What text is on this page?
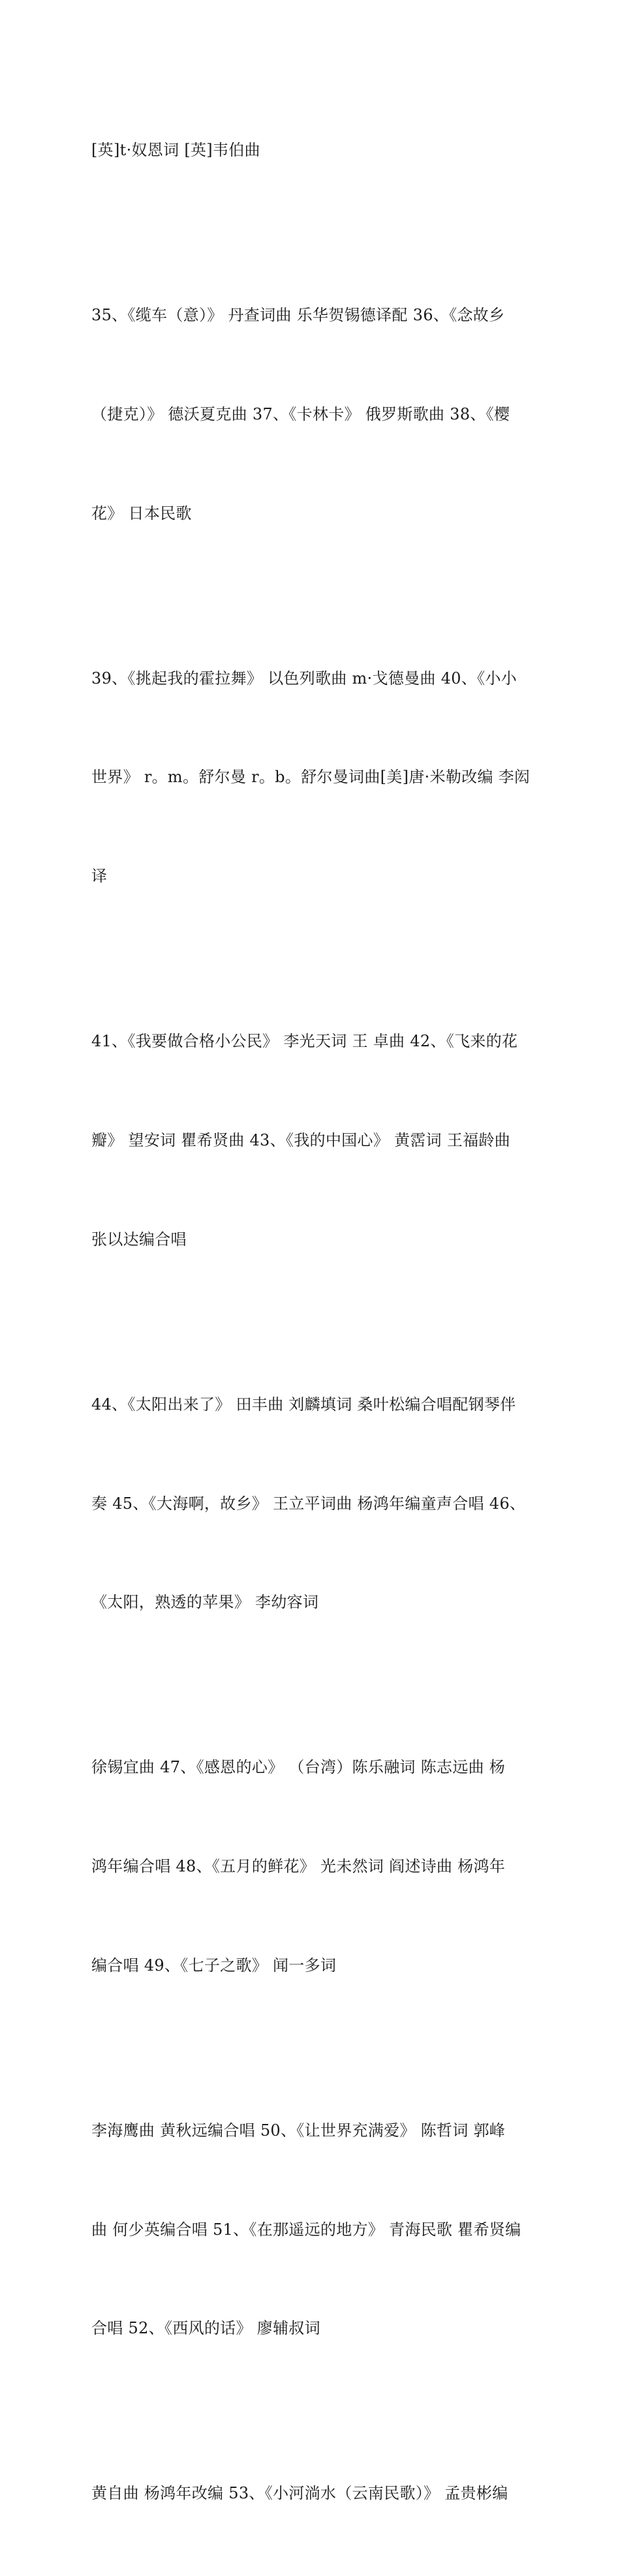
[英]t·奴恩词 [英]韦伯曲

35、《缆车（意）》 丹查词曲 乐华贺锡德译配 36、《念故乡

（捷克）》 德沃夏克曲 37、《卡林卡》 俄罗斯歌曲 38、《樱

花》 日本民歌

39、《挑起我的霍拉舞》 以色列歌曲 m·戈德曼曲 40、《小小

世界》 r。m。舒尔曼 r。b。舒尔曼词曲[美]唐·米勒改编 李闳

译

41、《我要做合格小公民》 李光天词 王 卓曲 42、《飞来的花

瓣》 望安词 瞿希贤曲 43、《我的中国心》 黄霑词 王福龄曲

张以达编合唱

44、《太阳出来了》 田丰曲 刘麟填词 桑叶松编合唱配钢琴伴

奏 45、《大海啊，故乡》 王立平词曲 杨鸿年编童声合唱 46、

《太阳，熟透的苹果》 李幼容词

徐锡宜曲 47、《感恩的心》 （台湾）陈乐融词 陈志远曲 杨

鸿年编合唱 48、《五月的鲜花》 光未然词 阎述诗曲 杨鸿年

编合唱 49、《七子之歌》 闻一多词

李海鹰曲 黄秋远编合唱 50、《让世界充满爱》 陈哲词 郭峰

曲 何少英编合唱 51、《在那遥远的地方》 青海民歌 瞿希贤编

合唱 52、《西风的话》 廖辅叔词

黄自曲 杨鸿年改编 53、《小河淌水（云南民歌）》 孟贵彬编
